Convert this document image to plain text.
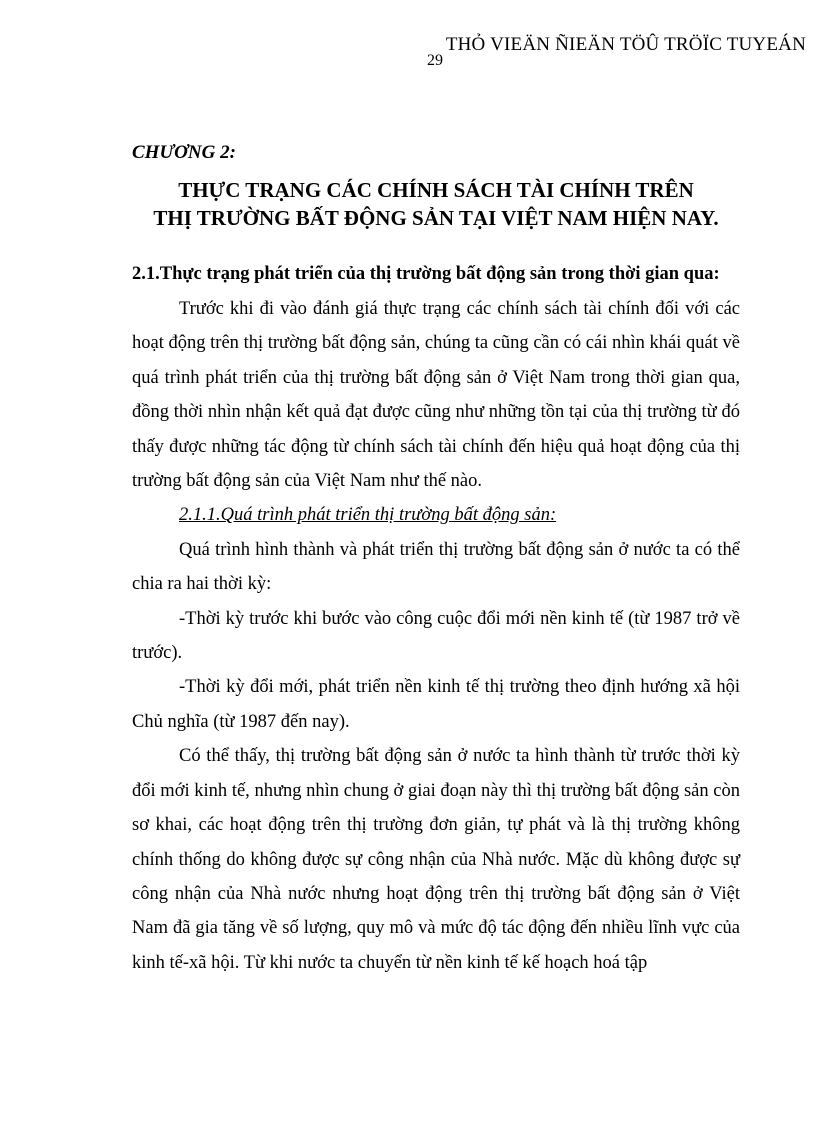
THỎ VIEÄN ÑIEÄN TÖÛ TRÖÏC TUYEÁN
29
CHƯƠNG 2:
THỰC TRẠNG CÁC CHÍNH SÁCH TÀI CHÍNH TRÊN
THỊ TRƯỜNG BẤT ĐỘNG SẢN TẠI VIỆT NAM HIỆN NAY.
2.1.Thực trạng phát triển của thị trường bất động sản trong thời gian qua:

Trước khi đi vào đánh giá thực trạng các chính sách tài chính đối với các hoạt động trên thị trường bất động sản, chúng ta cũng cần có cái nhìn khái quát về quá trình phát triển của thị trường bất động sản ở Việt Nam trong thời gian qua, đồng thời nhìn nhận kết quả đạt được cũng như những tồn tại của thị trường từ đó thấy được những tác động từ chính sách tài chính đến hiệu quả hoạt động của thị trường bất động sản của Việt Nam như thế nào.

2.1.1.Quá trình phát triển thị trường bất động sản:

Quá trình hình thành và phát triển thị trường bất động sản ở nước ta có thể chia ra hai thời kỳ:

-Thời kỳ trước khi bước vào công cuộc đổi mới nền kinh tế (từ 1987 trở về trước).

-Thời kỳ đổi mới, phát triển nền kinh tế thị trường theo định hướng xã hội Chủ nghĩa (từ 1987 đến nay).

Có thể thấy, thị trường bất động sản ở nước ta hình thành từ trước thời kỳ đổi mới kinh tế, nhưng nhìn chung ở giai đoạn này thì thị trường bất động sản còn sơ khai, các hoạt động trên thị trường đơn giản, tự phát và là thị trường không chính thống do không được sự công nhận của Nhà nước. Mặc dù không được sự công nhận của Nhà nước nhưng hoạt động trên thị trường bất động sản ở Việt Nam đã gia tăng về số lượng, quy mô và mức độ tác động đến nhiều lĩnh vực của kinh tế-xã hội. Từ khi nước ta chuyển từ nền kinh tế kế hoạch hoá tập
